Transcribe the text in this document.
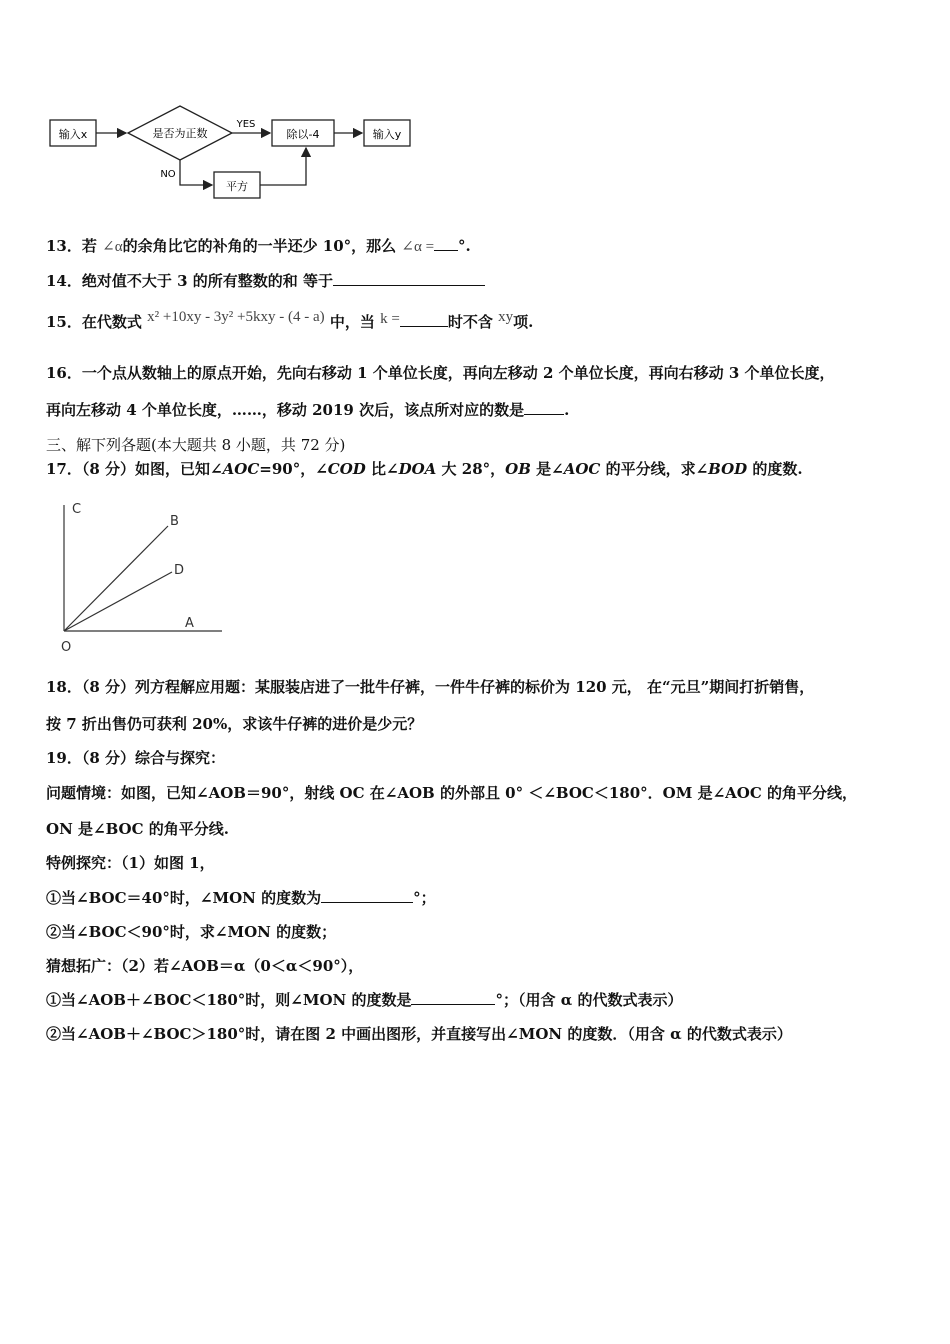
输入x	是否为正数
YES
除以-4	输入y
NO
平方
13．若 ∠α的余角比它的补角的一半还少 10°，那么 ∠α = °.
14．绝对值不大于 3 的所有整数的和 等于
15．在代数式 x² +10xy - 3y² +5kxy - (4 - a) 中，当 k =	时不含 xy项.
16．一个点从数轴上的原点开始，先向右移动 1 个单位长度，再向左移动 2 个单位长度，再向右移动 3 个单位长度，
再向左移动 4 个单位长度，……，移动 2019 次后，该点所对应的数是	.
三、解下列各题(本大题共 8 小题，共 72 分)
17．（8 分）如图，已知∠AOC=90°，∠COD 比∠DOA 大 28°，OB 是∠AOC 的平分线，求∠BOD 的度数.
C
B
D
A
O
18．（8 分）列方程解应用题：某服装店进了一批牛仔裤，一件牛仔裤的标价为 120 元， 在“元旦”期间打折销售，
按 7 折出售仍可获利 20%，求该牛仔裤的进价是少元？
19．（8 分）综合与探究：
问题情境：如图，已知∠AOB＝90°，射线 OC 在∠AOB 的外部且 0° ＜∠BOC＜180°．OM 是∠AOC 的角平分线，
ON 是∠BOC 的角平分线.
特例探究：（1）如图 1，
①当∠BOC＝40°时，∠MON 的度数为	°；
②当∠BOC＜90°时，求∠MON 的度数；
猜想拓广：（2）若∠AOB＝α（0＜α＜90°），
①当∠AOB＋∠BOC＜180°时，则∠MON 的度数是	°；（用含 α 的代数式表示）
②当∠AOB＋∠BOC＞180°时，请在图 2 中画出图形，并直接写出∠MON 的度数．（用含 α 的代数式表示）
